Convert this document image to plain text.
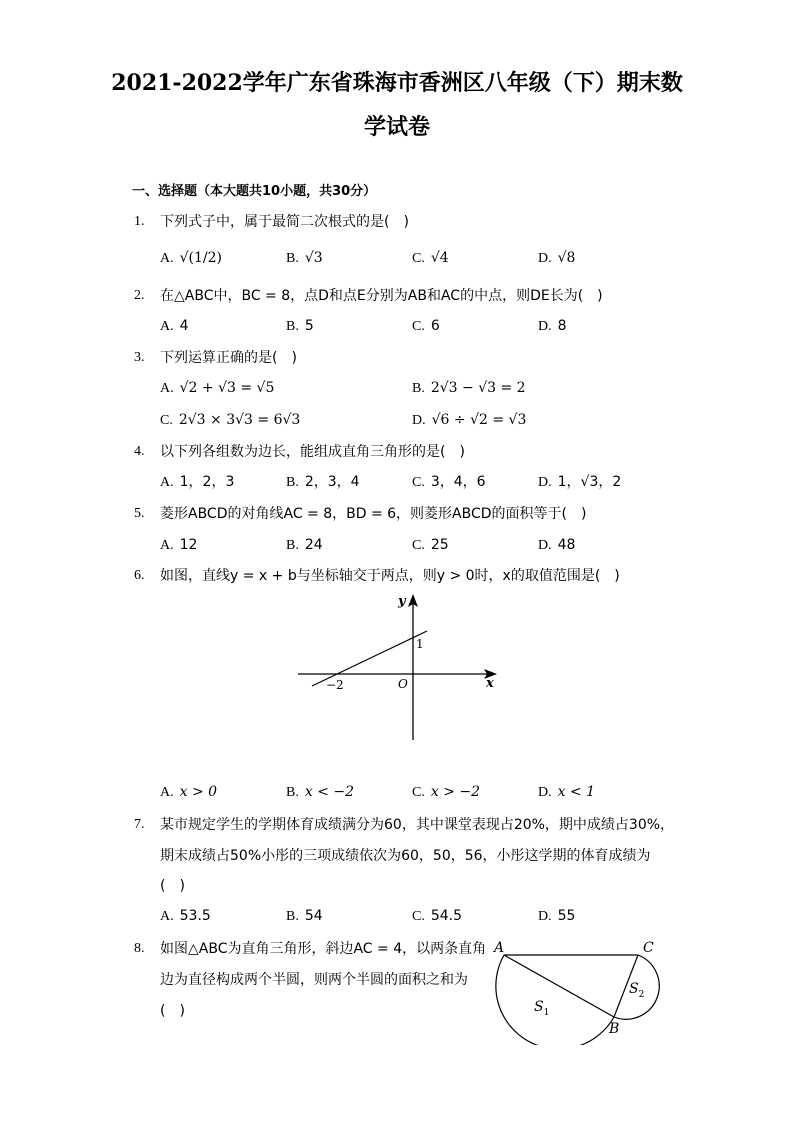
2021-2022学年广东省珠海市香洲区八年级（下）期末数
学试卷
一、选择题（本大题共10小题，共30分）
1.	下列式子中，属于最简二次根式的是(　)
A. √(1/2)	B. √3	C. √4	D. √8
2.	在△ABC中，BC = 8，点D和点E分别为AB和AC的中点，则DE长为(　)
A. 4	B. 5	C. 6	D. 8
3.	下列运算正确的是(　)
A. √2 + √3 = √5	B. 2√3 − √3 = 2
C. 2√3 × 3√3 = 6√3	D. √6 ÷ √2 = √3
4.	以下列各组数为边长，能组成直角三角形的是(　)
A. 1，2，3	B. 2，3，4	C. 3，4，6	D. 1，√3，2
5.	菱形ABCD的对角线AC = 8，BD = 6，则菱形ABCD的面积等于(　)
A. 12	B. 24	C. 25	D. 48
6.	如图，直线y = x + b与坐标轴交于两点，则y > 0时，x的取值范围是(　)
y
x
O
−2
1
A. x > 0	B. x < −2	C. x > −2	D. x < 1
7.	某市规定学生的学期体育成绩满分为60，其中课堂表现占20%，期中成绩占30%，
期末成绩占50%小彤的三项成绩依次为60，50，56，小彤这学期的体育成绩为
(　)
A. 53.5	B. 54	C. 54.5	D. 55
8.	如图△ABC为直角三角形，斜边AC = 4，以两条直角
边为直径构成两个半圆，则两个半圆的面积之和为
(　)
A	C
B
$S_1$
$S_2$
